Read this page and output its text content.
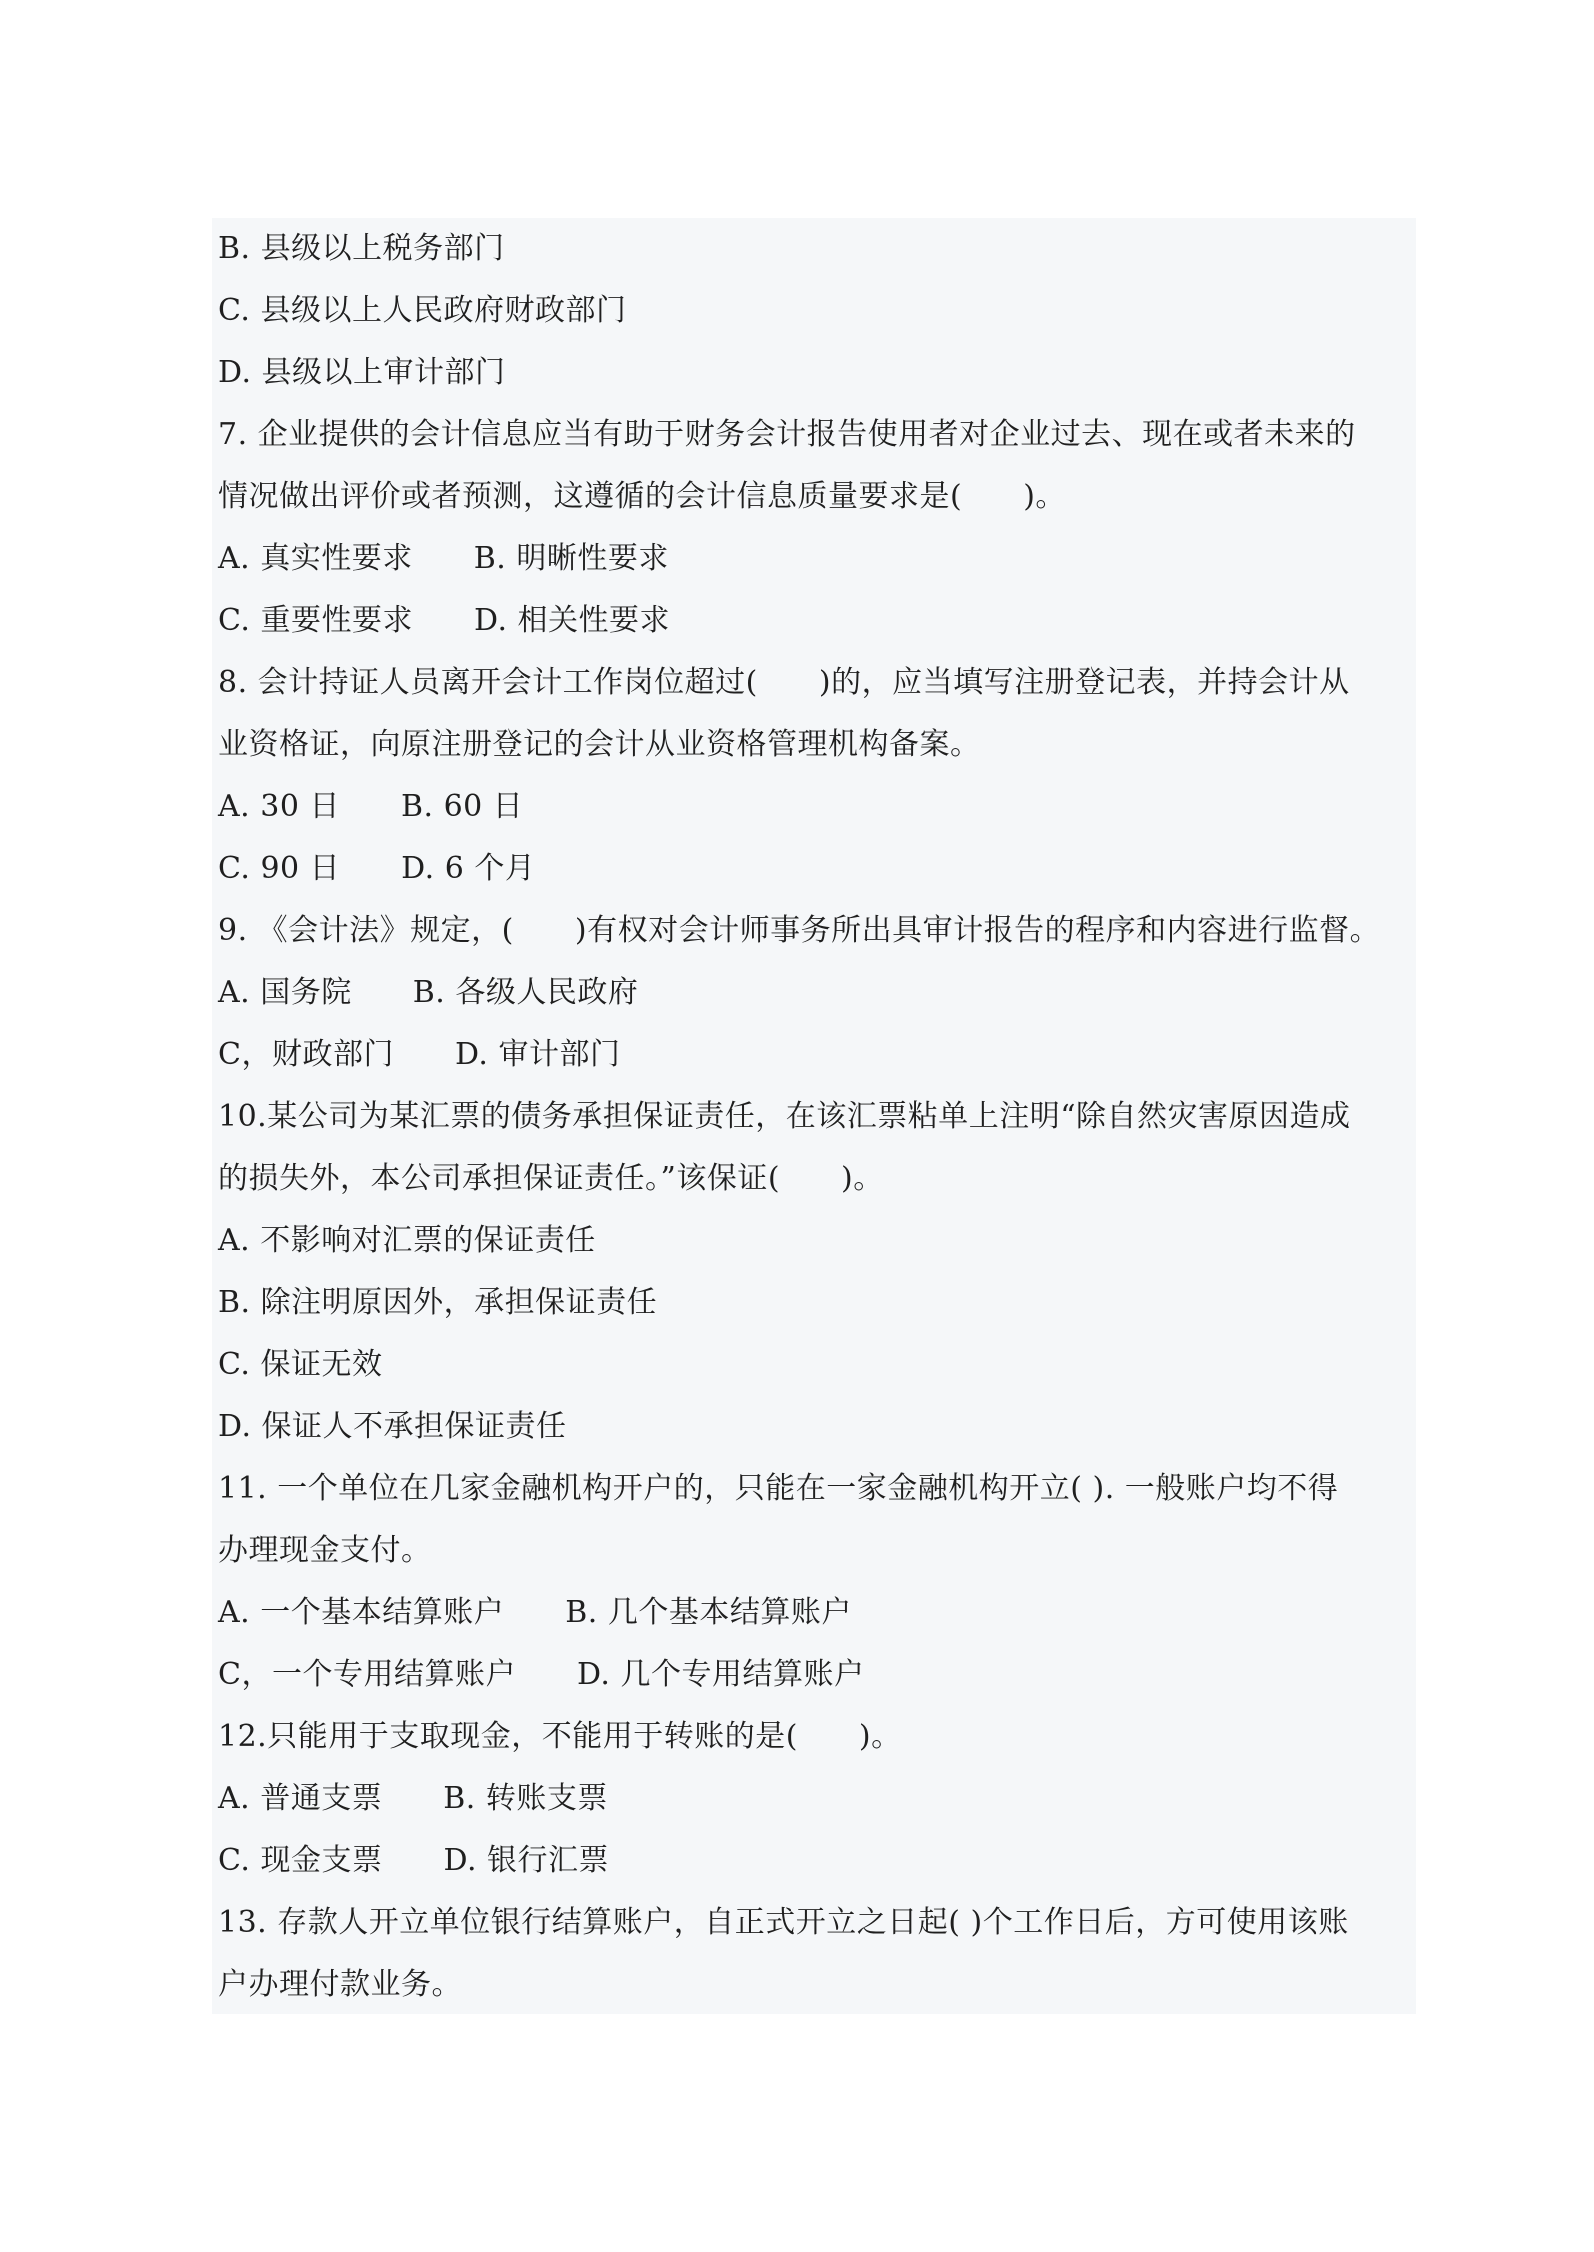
B. 县级以上税务部门
C. 县级以上人民政府财政部门
D. 县级以上审计部门
7. 企业提供的会计信息应当有助于财务会计报告使用者对企业过去、现在或者未来的
情况做出评价或者预测，这遵循的会计信息质量要求是(　　)。
A. 真实性要求　　B. 明晰性要求
C. 重要性要求　　D. 相关性要求
8. 会计持证人员离开会计工作岗位超过(　　)的，应当填写注册登记表，并持会计从
业资格证，向原注册登记的会计从业资格管理机构备案。
A. 30 日　　B. 60 日
C. 90 日　　D. 6 个月
9. 《会计法》规定，(　　)有权对会计师事务所出具审计报告的程序和内容进行监督。
A. 国务院　　B. 各级人民政府
C，财政部门　　D. 审计部门
10.某公司为某汇票的债务承担保证责任，在该汇票粘单上注明“除自然灾害原因造成
的损失外，本公司承担保证责任。”该保证(　　)。
A. 不影响对汇票的保证责任
B. 除注明原因外，承担保证责任
C. 保证无效
D. 保证人不承担保证责任
11. 一个单位在几家金融机构开户的，只能在一家金融机构开立( ). 一般账户均不得
办理现金支付。
A. 一个基本结算账户　　B. 几个基本结算账户
C，一个专用结算账户　　D. 几个专用结算账户
12.只能用于支取现金，不能用于转账的是(　　)。
A. 普通支票　　B. 转账支票
C. 现金支票　　D. 银行汇票
13. 存款人开立单位银行结算账户，自正式开立之日起( )个工作日后，方可使用该账
户办理付款业务。
